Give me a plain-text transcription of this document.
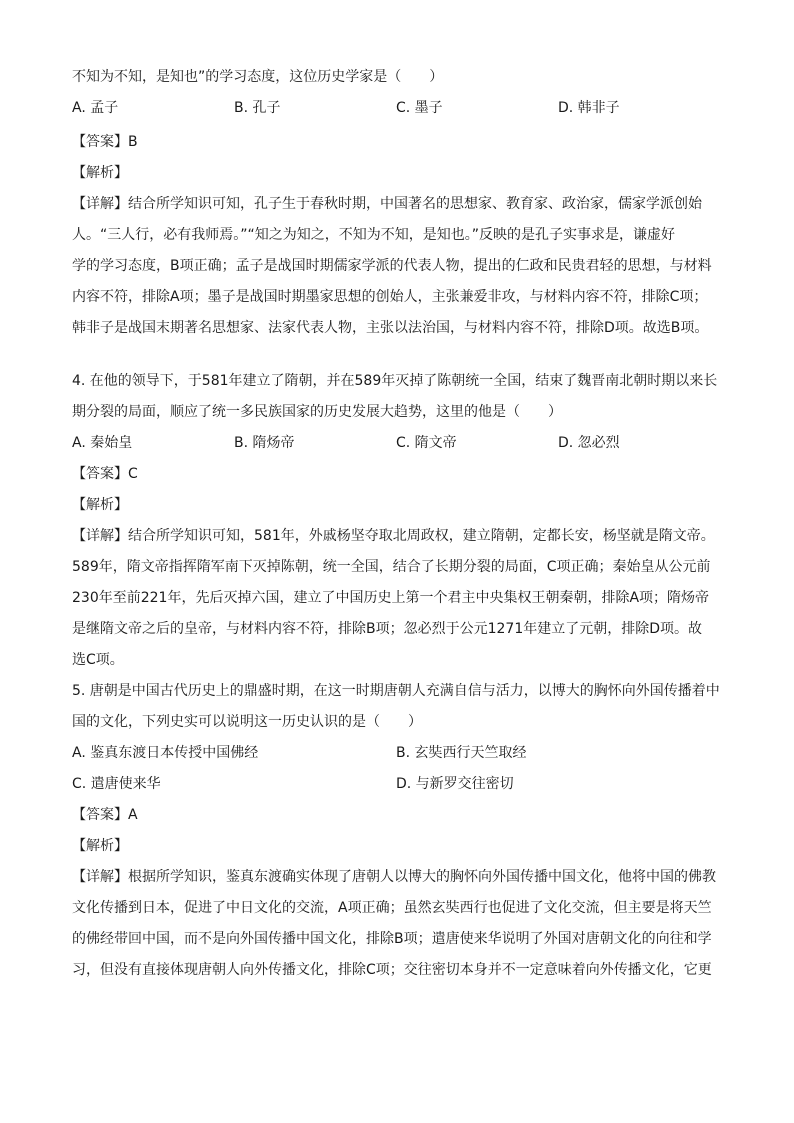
不知为不知，是知也”的学习态度，这位历史学家是（　　）

A. 孟子	B. 孔子	C. 墨子	D. 韩非子

【答案】B

【解析】

【详解】结合所学知识可知，孔子生于春秋时期，中国著名的思想家、教育家、政治家，儒家学派创始

人。“三人行，必有我师焉。”“知之为知之，不知为不知，是知也。”反映的是孔子实事求是，谦虚好

学的学习态度，B项正确；孟子是战国时期儒家学派的代表人物，提出的仁政和民贵君轻的思想，与材料

内容不符，排除A项；墨子是战国时期墨家思想的创始人，主张兼爱非攻，与材料内容不符，排除C项；

韩非子是战国末期著名思想家、法家代表人物，主张以法治国，与材料内容不符，排除D项。故选B项。

4. 在他的领导下，于581年建立了隋朝，并在589年灭掉了陈朝统一全国，结束了魏晋南北朝时期以来长

期分裂的局面，顺应了统一多民族国家的历史发展大趋势，这里的他是（　　）

A. 秦始皇	B. 隋炀帝	C. 隋文帝	D. 忽必烈

【答案】C

【解析】

【详解】结合所学知识可知，581年，外戚杨坚夺取北周政权，建立隋朝，定都长安，杨坚就是隋文帝。

589年，隋文帝指挥隋军南下灭掉陈朝，统一全国，结合了长期分裂的局面，C项正确；秦始皇从公元前

230年至前221年，先后灭掉六国，建立了中国历史上第一个君主中央集权王朝秦朝，排除A项；隋炀帝

是继隋文帝之后的皇帝，与材料内容不符，排除B项；忽必烈于公元1271年建立了元朝，排除D项。故

选C项。

5. 唐朝是中国古代历史上的鼎盛时期，在这一时期唐朝人充满自信与活力，以博大的胸怀向外国传播着中

国的文化，下列史实可以说明这一历史认识的是（　　）

A. 鉴真东渡日本传授中国佛经	B. 玄奘西行天竺取经
C. 遣唐使来华	D. 与新罗交往密切

【答案】A

【解析】

【详解】根据所学知识，鉴真东渡确实体现了唐朝人以博大的胸怀向外国传播中国文化，他将中国的佛教

文化传播到日本，促进了中日文化的交流，A项正确；虽然玄奘西行也促进了文化交流，但主要是将天竺

的佛经带回中国，而不是向外国传播中国文化，排除B项；遣唐使来华说明了外国对唐朝文化的向往和学

习，但没有直接体现唐朝人向外传播文化，排除C项；交往密切本身并不一定意味着向外传播文化，它更
